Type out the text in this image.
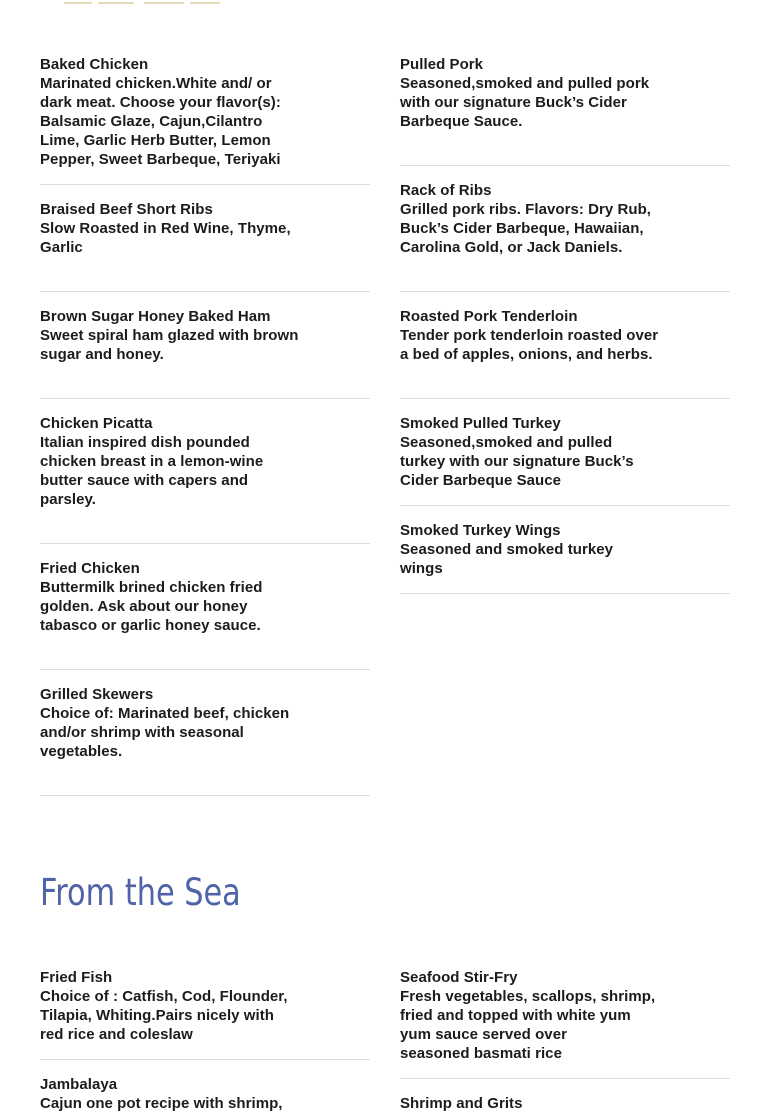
Baked Chicken
Marinated chicken.White and/ or
dark meat. Choose your flavor(s):
Balsamic Glaze, Cajun,Cilantro
Lime, Garlic Herb Butter, Lemon
Pepper, Sweet Barbeque, Teriyaki
Braised Beef Short Ribs
Slow Roasted in Red Wine, Thyme,
Garlic
Brown Sugar Honey Baked Ham
Sweet spiral ham glazed with brown
sugar and honey.
Chicken Picatta
Italian inspired dish pounded
chicken breast in a lemon-wine
butter sauce with capers and
parsley.
Fried Chicken
Buttermilk brined chicken fried
golden. Ask about our honey
tabasco or garlic honey sauce.
Grilled Skewers
Choice of: Marinated beef, chicken
and/or shrimp with seasonal
vegetables.
Pulled Pork
Seasoned,smoked and pulled pork
with our signature Buck’s Cider
Barbeque Sauce.
Rack of Ribs
Grilled pork ribs. Flavors: Dry Rub,
Buck’s Cider Barbeque, Hawaiian,
Carolina Gold, or Jack Daniels.
Roasted Pork Tenderloin
Tender pork tenderloin roasted over
a bed of apples, onions, and herbs.
Smoked Pulled Turkey
Seasoned,smoked and pulled
turkey with our signature Buck’s
Cider Barbeque Sauce
Smoked Turkey Wings
Seasoned and smoked turkey
wings
From the Sea
Fried Fish
Choice of : Catfish, Cod, Flounder,
Tilapia, Whiting.Pairs nicely with
red rice and coleslaw
Jambalaya
Cajun one pot recipe with shrimp,
Seafood Stir-Fry
Fresh vegetables, scallops, shrimp,
fried and topped with white yum
yum sauce served over
seasoned basmati rice
Shrimp and Grits
